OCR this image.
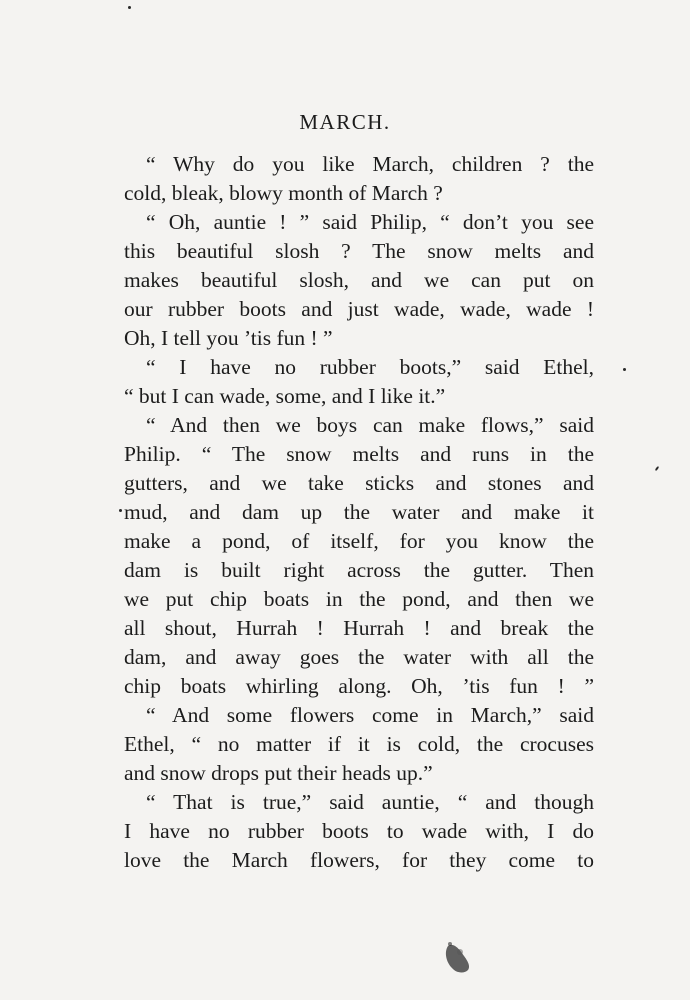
MARCH.
“ Why do you like March, children ? the
cold, bleak, blowy month of March ?
“ Oh, auntie ! ” said Philip, “ don’t you see
this beautiful slosh ? The snow melts and
makes beautiful slosh, and we can put on
our rubber boots and just wade, wade, wade !
Oh, I tell you ’tis fun ! ”
“ I have no rubber boots,” said Ethel,
“ but I can wade, some, and I like it.”
“ And then we boys can make flows,” said
Philip. “ The snow melts and runs in the
gutters, and we take sticks and stones and
mud, and dam up the water and make it
make a pond, of itself, for you know the
dam is built right across the gutter. Then
we put chip boats in the pond, and then we
all shout, Hurrah ! Hurrah ! and break the
dam, and away goes the water with all the
chip boats whirling along. Oh, ’tis fun ! ”
“ And some flowers come in March,” said
Ethel, “ no matter if it is cold, the crocuses
and snow drops put their heads up.”
“ That is true,” said auntie, “ and though
I have no rubber boots to wade with, I do
love the March flowers, for they come to
